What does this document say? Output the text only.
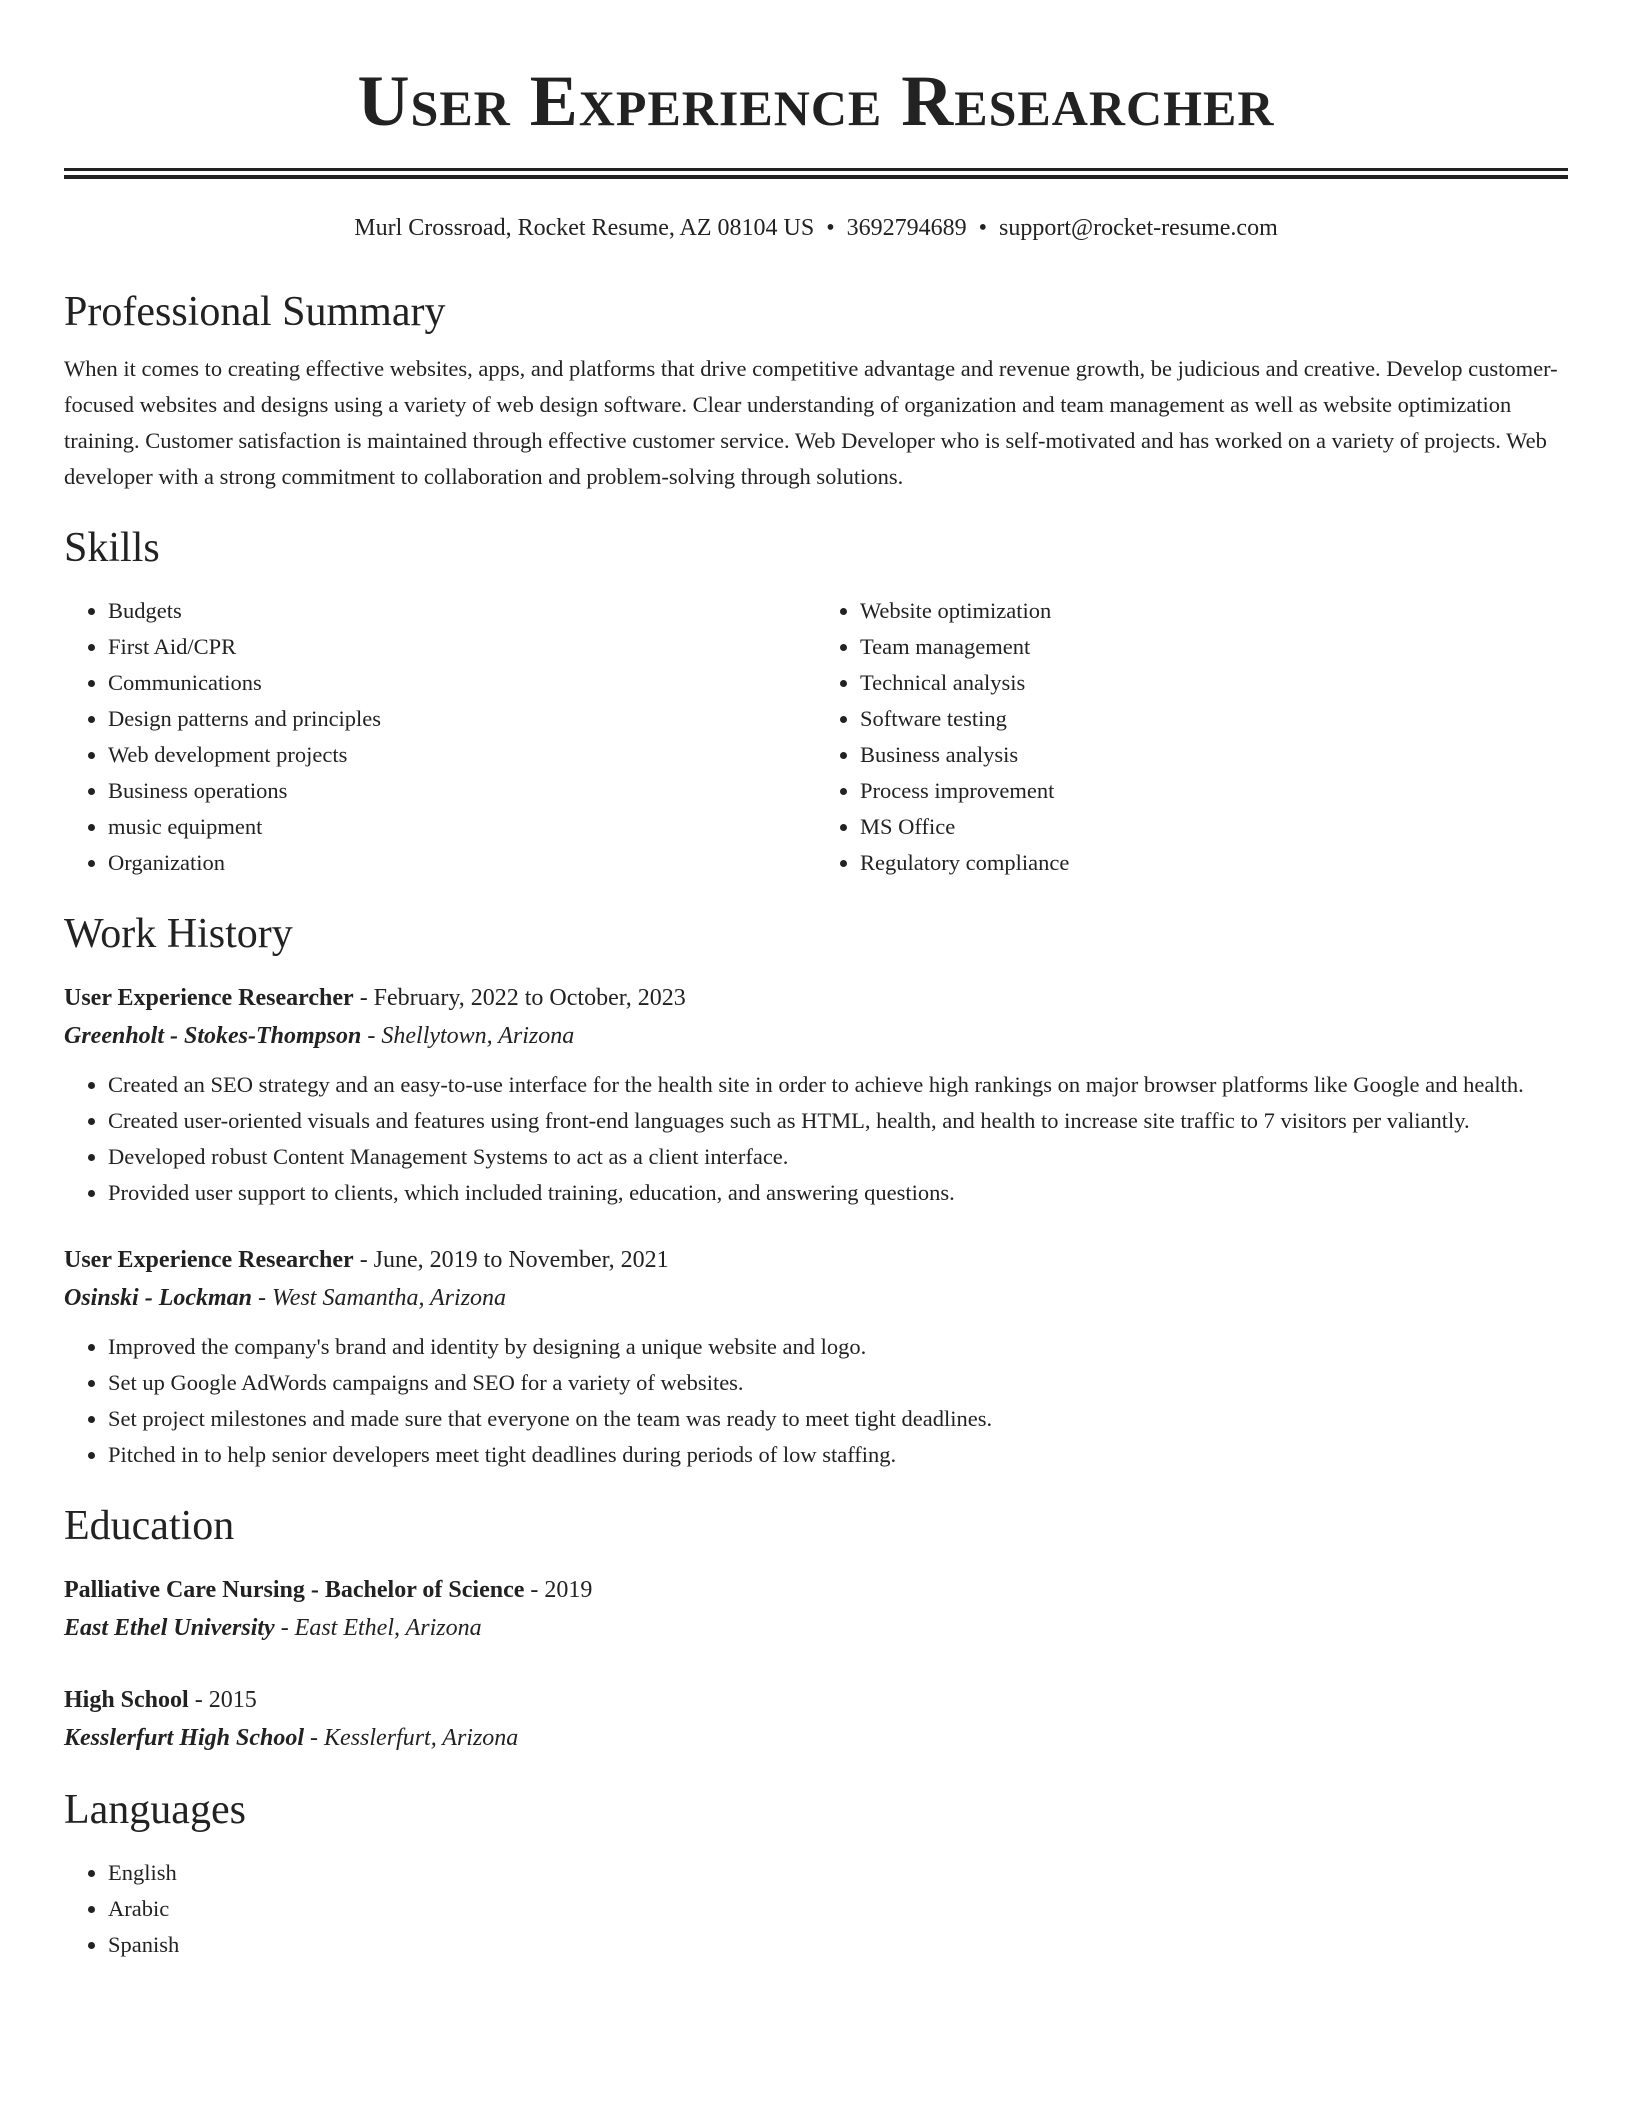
User Experience Researcher
Murl Crossroad, Rocket Resume, AZ 08104 US • 3692794689 • support@rocket-resume.com
Professional Summary
When it comes to creating effective websites, apps, and platforms that drive competitive advantage and revenue growth, be judicious and creative. Develop customer-focused websites and designs using a variety of web design software. Clear understanding of organization and team management as well as website optimization training. Customer satisfaction is maintained through effective customer service. Web Developer who is self-motivated and has worked on a variety of projects. Web developer with a strong commitment to collaboration and problem-solving through solutions.
Skills
• Budgets
• First Aid/CPR
• Communications
• Design patterns and principles
• Web development projects
• Business operations
• music equipment
• Organization
• Website optimization
• Team management
• Technical analysis
• Software testing
• Business analysis
• Process improvement
• MS Office
• Regulatory compliance
Work History
User Experience Researcher - February, 2022 to October, 2023
Greenholt - Stokes-Thompson - Shellytown, Arizona
• Created an SEO strategy and an easy-to-use interface for the health site in order to achieve high rankings on major browser platforms like Google and health.
• Created user-oriented visuals and features using front-end languages such as HTML, health, and health to increase site traffic to 7 visitors per valiantly.
• Developed robust Content Management Systems to act as a client interface.
• Provided user support to clients, which included training, education, and answering questions.
User Experience Researcher - June, 2019 to November, 2021
Osinski - Lockman - West Samantha, Arizona
• Improved the company's brand and identity by designing a unique website and logo.
• Set up Google AdWords campaigns and SEO for a variety of websites.
• Set project milestones and made sure that everyone on the team was ready to meet tight deadlines.
• Pitched in to help senior developers meet tight deadlines during periods of low staffing.
Education
Palliative Care Nursing - Bachelor of Science - 2019
East Ethel University - East Ethel, Arizona
High School - 2015
Kesslerfurt High School - Kesslerfurt, Arizona
Languages
• English
• Arabic
• Spanish
